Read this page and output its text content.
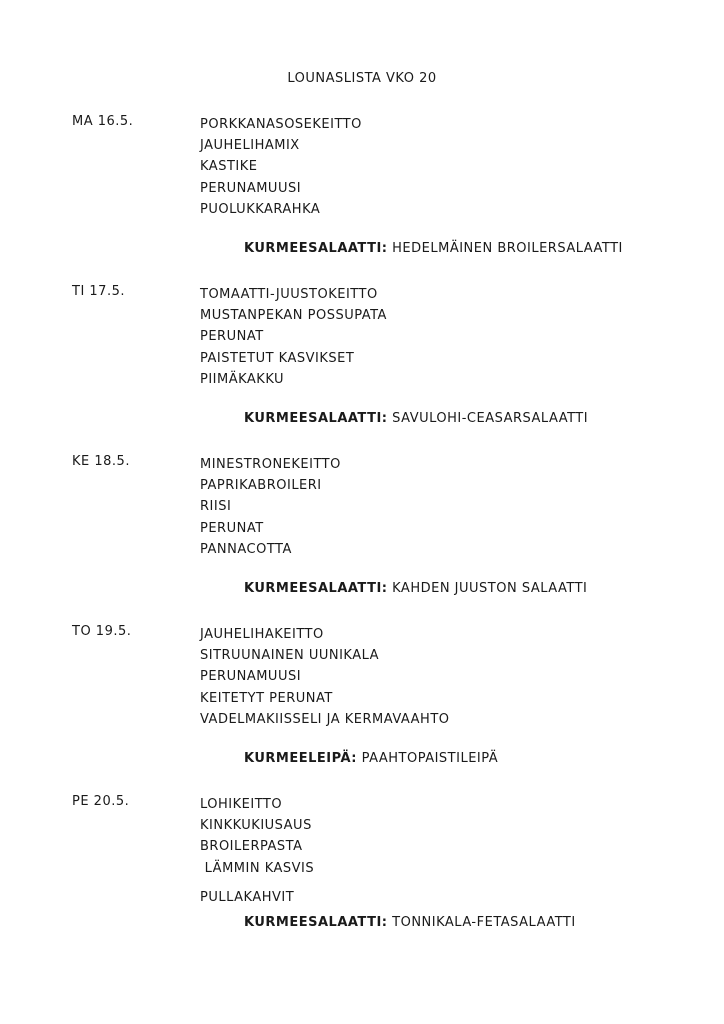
LOUNASLISTA VKO 20
MA 16.5.	PORKKANASOSEKEITTO
JAUHELIHAMIX
KASTIKE
PERUNAMUUSI
PUOLUKKARAHKA
KURMEESALAATTI: HEDELMÄINEN BROILERSALAATTI
TI 17.5.	TOMAATTI-JUUSTOKEITTO
MUSTANPEKAN POSSUPATA
PERUNAT
PAISTETUT KASVIKSET
PIIMÄKAKKU
KURMEESALAATTI: SAVULOHI-CEASARSALAATTI
KE 18.5.	MINESTRONEKEITTO
PAPRIKABROILERI
RIISI
PERUNAT
PANNACOTTA
KURMEESALAATTI: KAHDEN JUUSTON SALAATTI
TO 19.5.	JAUHELIHAKEITTO
SITRUUNAINEN UUNIKALA
PERUNAMUUSI
KEITETYT PERUNAT
VADELMAKIISSELI JA KERMAVAAHTO
KURMEELEIPÄ: PAAHTOPAISTILEIPÄ
PE 20.5.	LOHIKEITTO
KINKKUKIUSAUS
BROILERPASTA
LÄMMIN KASVIS
PULLAKAHVIT
KURMEESALAATTI: TONNIKALA-FETASALAATTI
